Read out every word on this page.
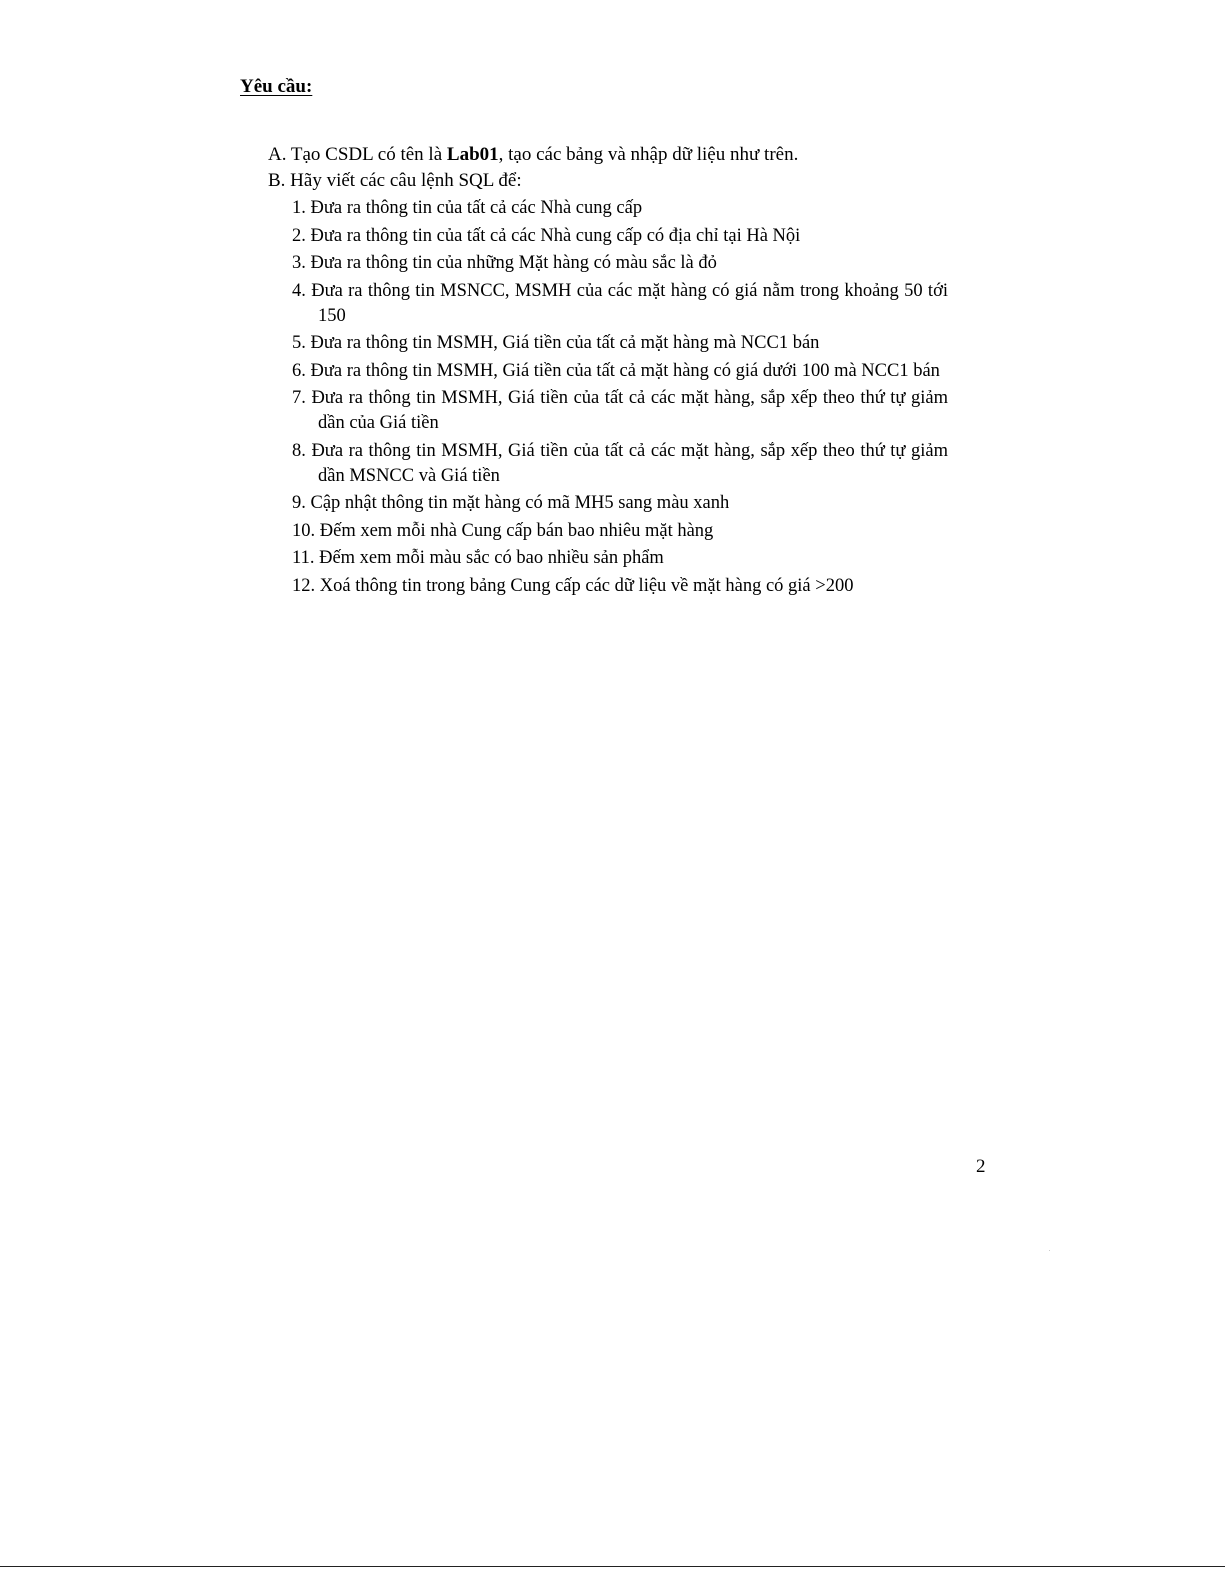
Yêu cầu:
A. Tạo CSDL có tên là Lab01, tạo các bảng và nhập dữ liệu như trên.
B. Hãy viết các câu lệnh SQL để:
1. Đưa ra thông tin của tất cả các Nhà cung cấp
2. Đưa ra thông tin của tất cả các Nhà cung cấp có địa chỉ tại Hà Nội
3. Đưa ra thông tin của những Mặt hàng có màu sắc là đỏ
4. Đưa ra thông tin MSNCC, MSMH của các mặt hàng có giá nằm trong khoảng 50 tới 150
5. Đưa ra thông tin MSMH, Giá tiền của tất cả mặt hàng mà NCC1 bán
6. Đưa ra thông tin MSMH, Giá tiền của tất cả mặt hàng có giá dưới 100 mà NCC1 bán
7. Đưa ra thông tin MSMH, Giá tiền của tất cả các mặt hàng, sắp xếp theo thứ tự giảm dần của Giá tiền
8. Đưa ra thông tin MSMH, Giá tiền của tất cả các mặt hàng, sắp xếp theo thứ tự giảm dần MSNCC và Giá tiền
9. Cập nhật thông tin mặt hàng có mã MH5 sang màu xanh
10. Đếm xem mỗi nhà Cung cấp bán bao nhiêu mặt hàng
11. Đếm xem mỗi màu sắc có bao nhiều sản phẩm
12. Xoá thông tin trong bảng Cung cấp các dữ liệu về mặt hàng có giá >200
2
